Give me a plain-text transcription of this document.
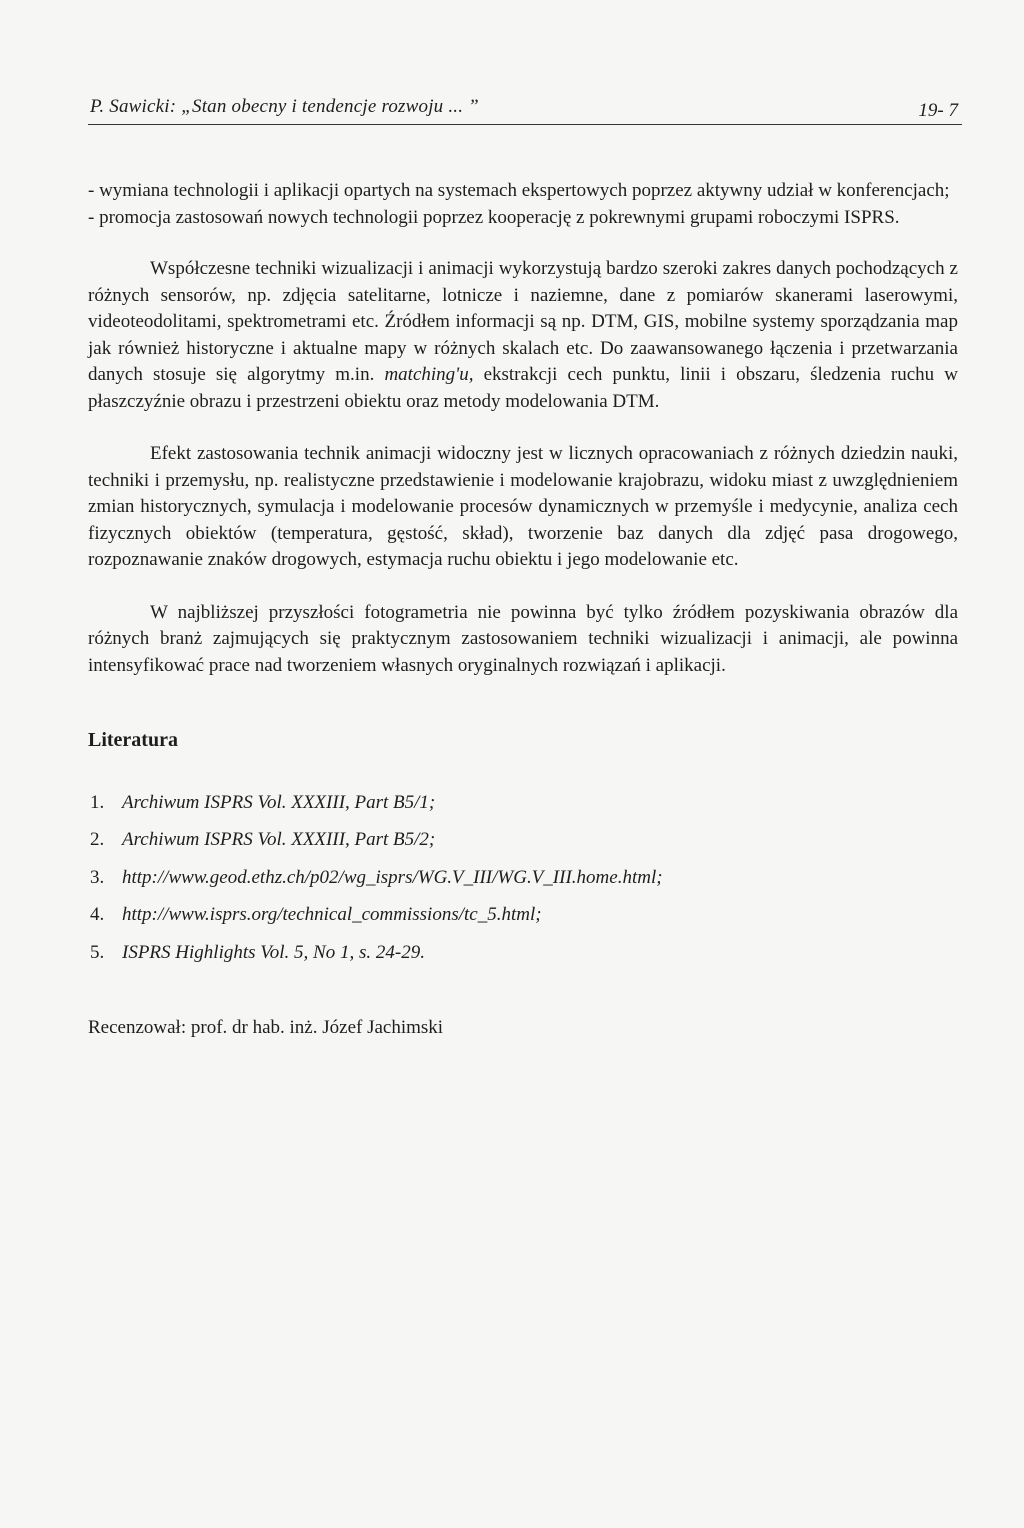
P. Sawicki: „Stan obecny i tendencje rozwoju ... ”	19- 7

- wymiana technologii i aplikacji opartych na systemach ekspertowych poprzez aktywny udział w konferencjach;

- promocja zastosowań nowych technologii poprzez kooperację z pokrewnymi grupami roboczymi ISPRS.

Współczesne techniki wizualizacji i animacji wykorzystują bardzo szeroki zakres danych pochodzących z różnych sensorów, np. zdjęcia satelitarne, lotnicze i naziemne, dane z pomiarów skanerami laserowymi, videoteodolitami, spektrometrami etc. Źródłem informacji są np. DTM, GIS, mobilne systemy sporządzania map jak również historyczne i aktualne mapy w różnych skalach etc. Do zaawansowanego łączenia i przetwarzania danych stosuje się algorytmy m.in. matching'u, ekstrakcji cech punktu, linii i obszaru, śledzenia ruchu w płaszczyźnie obrazu i przestrzeni obiektu oraz metody modelowania DTM.

Efekt zastosowania technik animacji widoczny jest w licznych opracowaniach z różnych dziedzin nauki, techniki i przemysłu, np. realistyczne przedstawienie i modelowanie krajobrazu, widoku miast z uwzględnieniem zmian historycznych, symulacja i modelowanie procesów dynamicznych w przemyśle i medycynie, analiza cech fizycznych obiektów (temperatura, gęstość, skład), tworzenie baz danych dla zdjęć pasa drogowego, rozpoznawanie znaków drogowych, estymacja ruchu obiektu i jego modelowanie etc.

W najbliższej przyszłości fotogrametria nie powinna być tylko źródłem pozyskiwania obrazów dla różnych branż zajmujących się praktycznym zastosowaniem techniki wizualizacji i animacji, ale powinna intensyfikować prace nad tworzeniem własnych oryginalnych rozwiązań i aplikacji.

Literatura

1. Archiwum ISPRS Vol. XXXIII, Part B5/1;
2. Archiwum ISPRS Vol. XXXIII, Part B5/2;
3. http://www.geod.ethz.ch/p02/wg_isprs/WG.V_III/WG.V_III.home.html;
4. http://www.isprs.org/technical_commissions/tc_5.html;
5. ISPRS Highlights Vol. 5, No 1, s. 24-29.

Recenzował: prof. dr hab. inż. Józef Jachimski
